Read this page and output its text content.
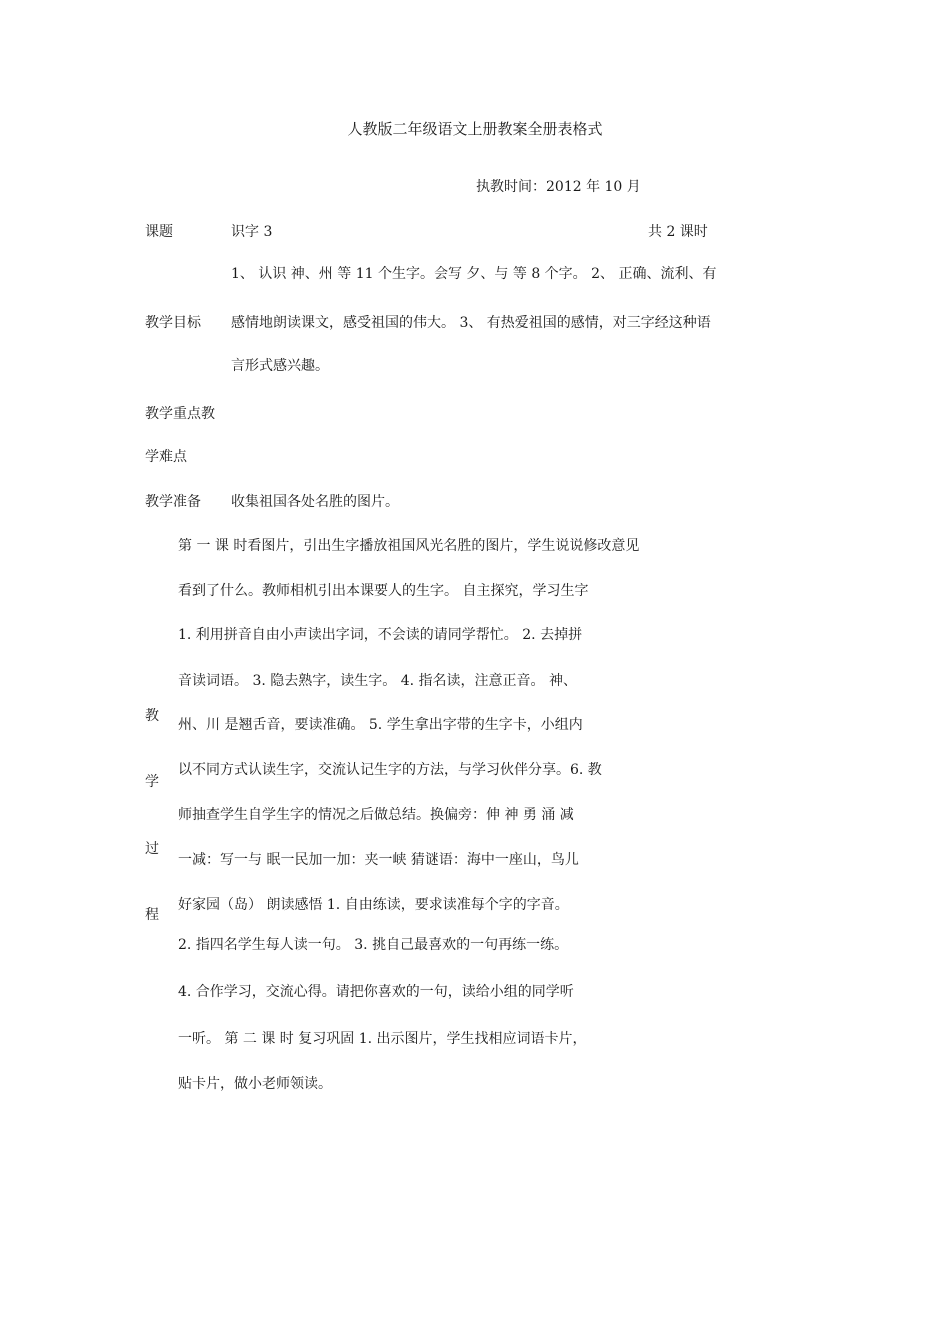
人教版二年级语文上册教案全册表格式
执教时间：2012 年 10 月
课题	识字 3	共 2 课时
教学目标
1、 认识 神、州 等 11 个生字。会写 夕、与 等 8 个字。 2、 正确、流利、有
感情地朗读课文，感受祖国的伟大。 3、 有热爱祖国的感情，对三字经这种语
言形式感兴趣。
教学重点教
学难点
教学准备 收集祖国各处名胜的图片。
教
学
过
程
第 一 课 时看图片，引出生字播放祖国风光名胜的图片，学生说说修改意见
看到了什么。教师相机引出本课要人的生字。 自主探究，学习生字
1. 利用拼音自由小声读出字词，不会读的请同学帮忙。 2. 去掉拼
音读词语。 3. 隐去熟字，读生字。 4. 指名读，注意正音。 神、
州、川 是翘舌音，要读准确。 5. 学生拿出字带的生字卡，小组内
以不同方式认读生字，交流认记生字的方法，与学习伙伴分享。6. 教
师抽查学生自学生字的情况之后做总结。换偏旁：伸 神 勇 涌 减
一减：写一与 眠一民加一加：夹一峡 猜谜语：海中一座山，鸟儿
好家园（岛） 朗读感悟 1. 自由练读，要求读准每个字的字音。
2. 指四名学生每人读一句。 3. 挑自己最喜欢的一句再练一练。
4. 合作学习，交流心得。请把你喜欢的一句，读给小组的同学听
一听。 第 二 课 时 复习巩固 1. 出示图片，学生找相应词语卡片，
贴卡片，做小老师领读。
